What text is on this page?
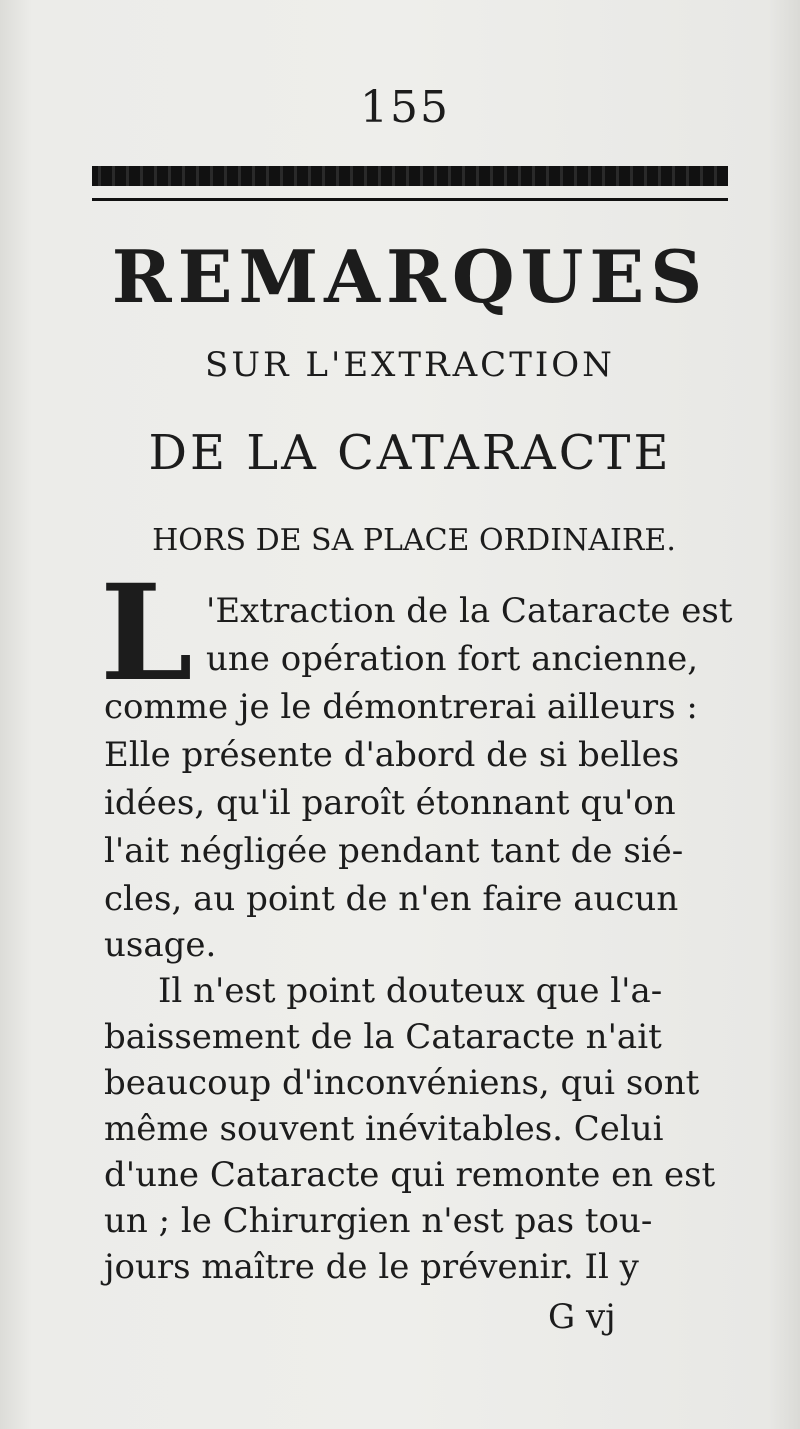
155
REMARQUES
SUR L'EXTRACTION
DE LA CATARACTE
HORS DE SA PLACE ORDINAIRE.
L 'Extraction de la Cataracte est
une opération fort ancienne,
comme je le démontrerai ailleurs :
Elle présente d'abord de si belles
idées, qu'il paroît étonnant qu'on
l'ait négligée pendant tant de sié-
cles, au point de n'en faire aucun
usage.
Il n'est point douteux que l'a-
baissement de la Cataracte n'ait
beaucoup d'inconvéniens, qui sont
même souvent inévitables. Celui
d'une Cataracte qui remonte en est
un ; le Chirurgien n'est pas tou-
jours maître de le prévenir. Il y
G vj
